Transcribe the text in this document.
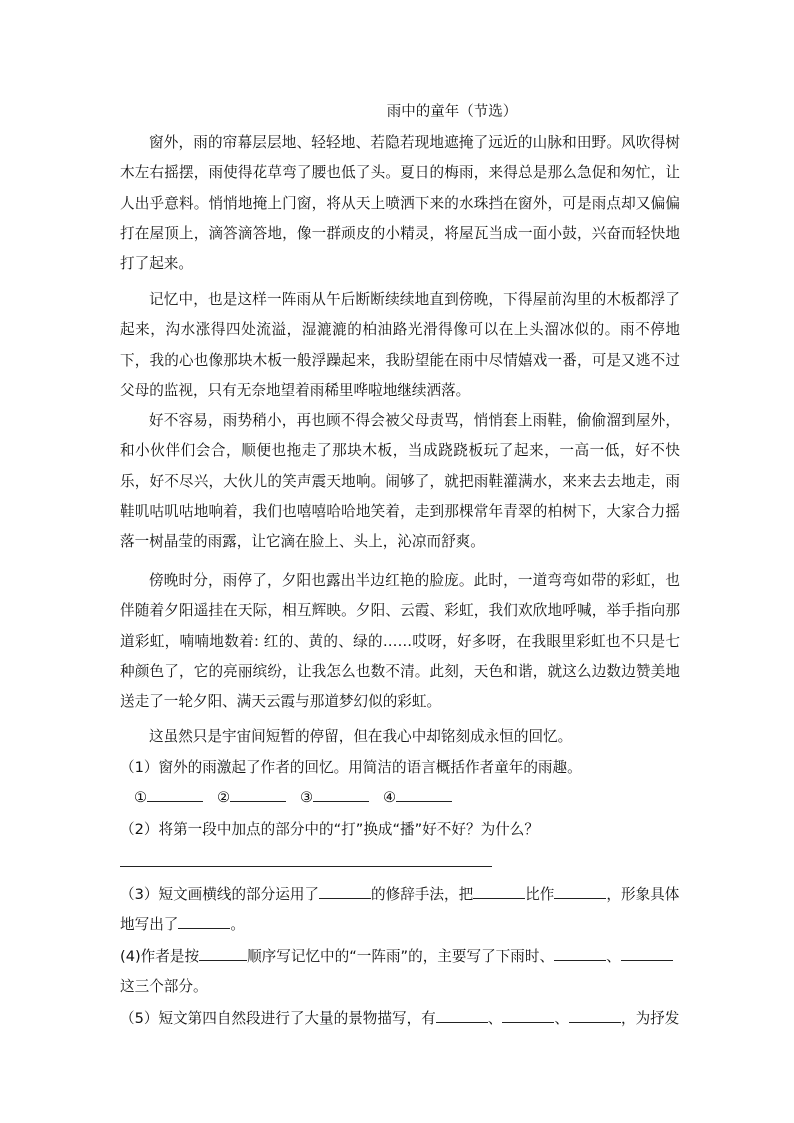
雨中的童年（节选）
窗外，雨的帘幕层层地、轻轻地、若隐若现地遮掩了远近的山脉和田野。风吹得树木左右摇摆，雨使得花草弯了腰也低了头。夏日的梅雨，来得总是那么急促和匆忙，让人出乎意料。悄悄地掩上门窗，将从天上喷洒下来的水珠挡在窗外，可是雨点却又偏偏打在屋顶上，滴答滴答地，像一群顽皮的小精灵，将屋瓦当成一面小鼓，兴奋而轻快地打了起来。
记忆中，也是这样一阵雨从午后断断续续地直到傍晚，下得屋前沟里的木板都浮了起来，沟水涨得四处流溢，湿漉漉的柏油路光滑得像可以在上头溜冰似的。雨不停地下，我的心也像那块木板一般浮躁起来，我盼望能在雨中尽情嬉戏一番，可是又逃不过父母的监视，只有无奈地望着雨稀里哗啦地继续洒落。
好不容易，雨势稍小，再也顾不得会被父母责骂，悄悄套上雨鞋，偷偷溜到屋外，和小伙伴们会合，顺便也拖走了那块木板，当成跷跷板玩了起来，一高一低，好不快乐，好不尽兴，大伙儿的笑声震天地响。闹够了，就把雨鞋灌满水，来来去去地走，雨鞋叽咕叽咕地响着，我们也嘻嘻哈哈地笑着，走到那棵常年青翠的柏树下，大家合力摇落一树晶莹的雨露，让它滴在脸上、头上，沁凉而舒爽。
傍晚时分，雨停了，夕阳也露出半边红艳的脸庞。此时，一道弯弯如带的彩虹，也伴随着夕阳遥挂在天际，相互辉映。夕阳、云霞、彩虹，我们欢欣地呼喊，举手指向那道彩虹，喃喃地数着: 红的、黄的、绿的……哎呀，好多呀，在我眼里彩虹也不只是七种颜色了，它的亮丽缤纷，让我怎么也数不清。此刻，天色和谐，就这么边数边赞美地送走了一轮夕阳、满天云霞与那道梦幻似的彩虹。
这虽然只是宇宙间短暂的停留，但在我心中却铭刻成永恒的回忆。
（1）窗外的雨激起了作者的回忆。用简洁的语言概括作者童年的雨趣。
①	②	③	④
（2）将第一段中加点的部分中的“打”换成“播”好不好？为什么？
（3）短文画横线的部分运用了	的修辞手法，把	比作	，形象具体地写出了	。
(4)作者是按	顺序写记忆中的“一阵雨”的，主要写了下雨时、	、
这三个部分。
（5）短文第四自然段进行了大量的景物描写，有	、	、	，为抒发
